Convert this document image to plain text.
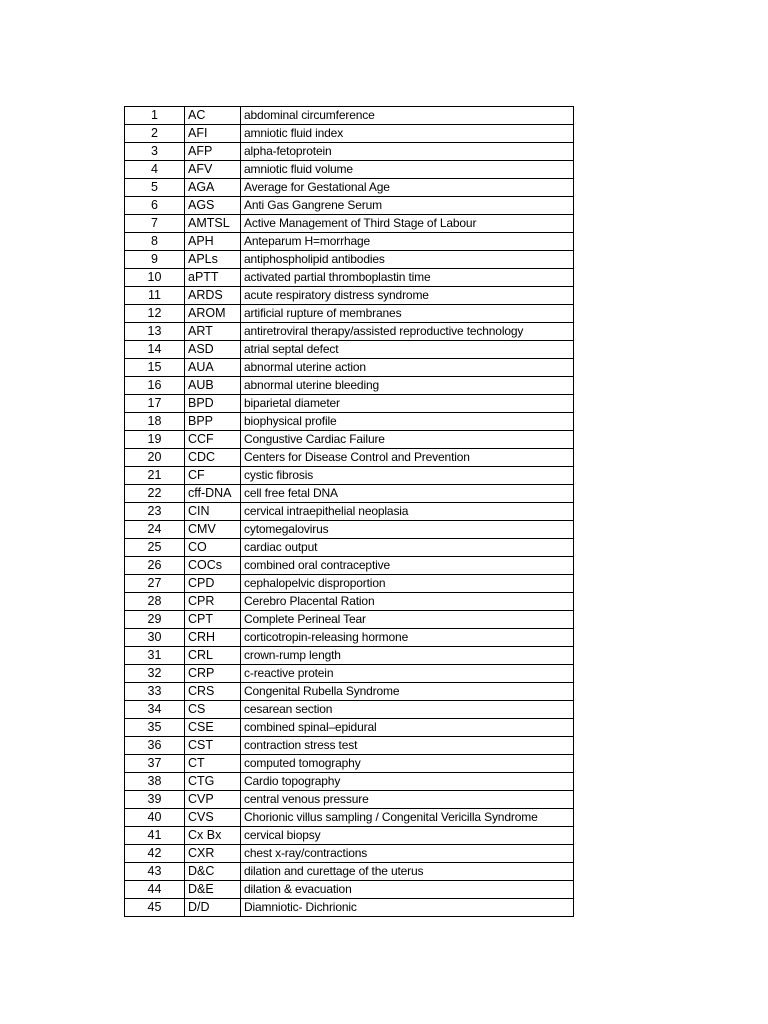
1	AC	abdominal circumference
2	AFI	amniotic fluid index
3	AFP	alpha-fetoprotein
4	AFV	amniotic fluid volume
5	AGA	Average for Gestational Age
6	AGS	Anti Gas Gangrene Serum
7	AMTSL	Active Management of Third Stage of Labour
8	APH	Anteparum H=morrhage
9	APLs	antiphospholipid antibodies
10	aPTT	activated partial thromboplastin time
11	ARDS	acute respiratory distress syndrome
12	AROM	artificial rupture of membranes
13	ART	antiretroviral therapy/assisted reproductive technology
14	ASD	atrial septal defect
15	AUA	abnormal uterine action
16	AUB	abnormal uterine bleeding
17	BPD	biparietal diameter
18	BPP	biophysical profile
19	CCF	Congustive Cardiac Failure
20	CDC	Centers for Disease Control and Prevention
21	CF	cystic fibrosis
22	cff-DNA	cell free fetal DNA
23	CIN	cervical intraepithelial neoplasia
24	CMV	cytomegalovirus
25	CO	cardiac output
26	COCs	combined oral contraceptive
27	CPD	cephalopelvic disproportion
28	CPR	Cerebro Placental Ration
29	CPT	Complete Perineal Tear
30	CRH	corticotropin-releasing hormone
31	CRL	crown-rump length
32	CRP	c-reactive protein
33	CRS	Congenital Rubella Syndrome
34	CS	cesarean section
35	CSE	combined spinal–epidural
36	CST	contraction stress test
37	CT	computed tomography
38	CTG	Cardio topography
39	CVP	central venous pressure
40	CVS	Chorionic villus sampling / Congenital Vericilla Syndrome
41	Cx Bx	cervical biopsy
42	CXR	chest x-ray/contractions
43	D&C	dilation and curettage of the uterus
44	D&E	dilation & evacuation
45	D/D	Diamniotic- Dichrionic
